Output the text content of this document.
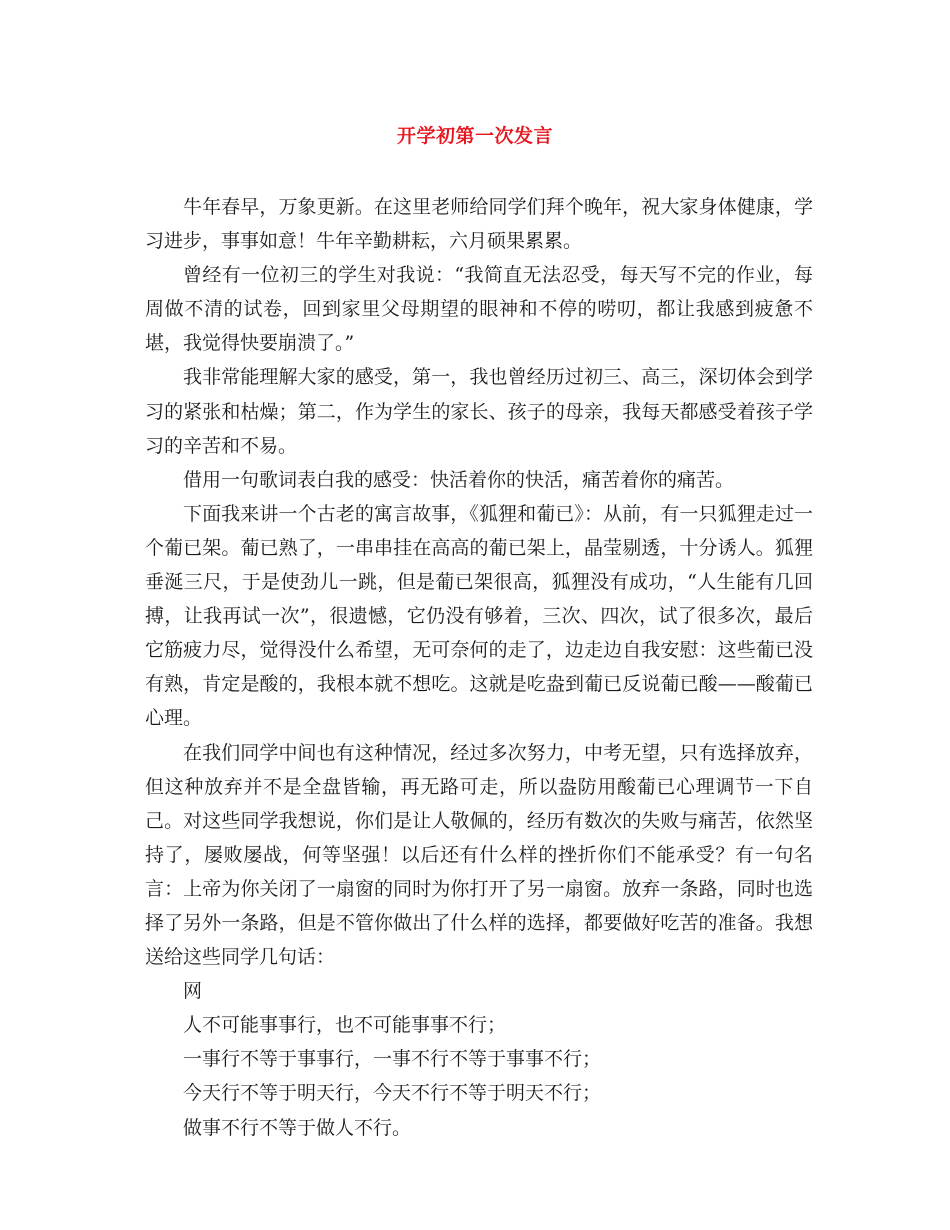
开学初第一次发言

牛年春早，万象更新。在这里老师给同学们拜个晚年，祝大家身体健康，学习进步，事事如意！牛年辛勤耕耘，六月硕果累累。

曾经有一位初三的学生对我说：“我简直无法忍受，每天写不完的作业，每周做不清的试卷，回到家里父母期望的眼神和不停的唠叨，都让我感到疲惫不堪，我觉得快要崩溃了。”

我非常能理解大家的感受，第一，我也曾经历过初三、高三，深切体会到学习的紧张和枯燥；第二，作为学生的家长、孩子的母亲，我每天都感受着孩子学习的辛苦和不易。

借用一句歌词表白我的感受：快活着你的快活，痛苦着你的痛苦。

下面我来讲一个古老的寓言故事，《狐狸和葡已》：从前，有一只狐狸走过一个葡已架。葡已熟了，一串串挂在高高的葡已架上，晶莹剔透，十分诱人。狐狸垂涎三尺，于是使劲儿一跳，但是葡已架很高，狐狸没有成功，“人生能有几回搏，让我再试一次”，很遗憾，它仍没有够着，三次、四次，试了很多次，最后它筋疲力尽，觉得没什么希望，无可奈何的走了，边走边自我安慰：这些葡已没有熟，肯定是酸的，我根本就不想吃。这就是吃盎到葡已反说葡已酸——酸葡已心理。

在我们同学中间也有这种情况，经过多次努力，中考无望，只有选择放弃，但这种放弃并不是全盘皆输，再无路可走，所以盎防用酸葡已心理调节一下自己。对这些同学我想说，你们是让人敬佩的，经历有数次的失败与痛苦，依然坚持了，屡败屡战，何等坚强！以后还有什么样的挫折你们不能承受？有一句名言：上帝为你关闭了一扇窗的同时为你打开了另一扇窗。放弃一条路，同时也选择了另外一条路，但是不管你做出了什么样的选择，都要做好吃苦的准备。我想送给这些同学几句话：

网

人不可能事事行，也不可能事事不行；

一事行不等于事事行，一事不行不等于事事不行；

今天行不等于明天行，今天不行不等于明天不行；

做事不行不等于做人不行。
